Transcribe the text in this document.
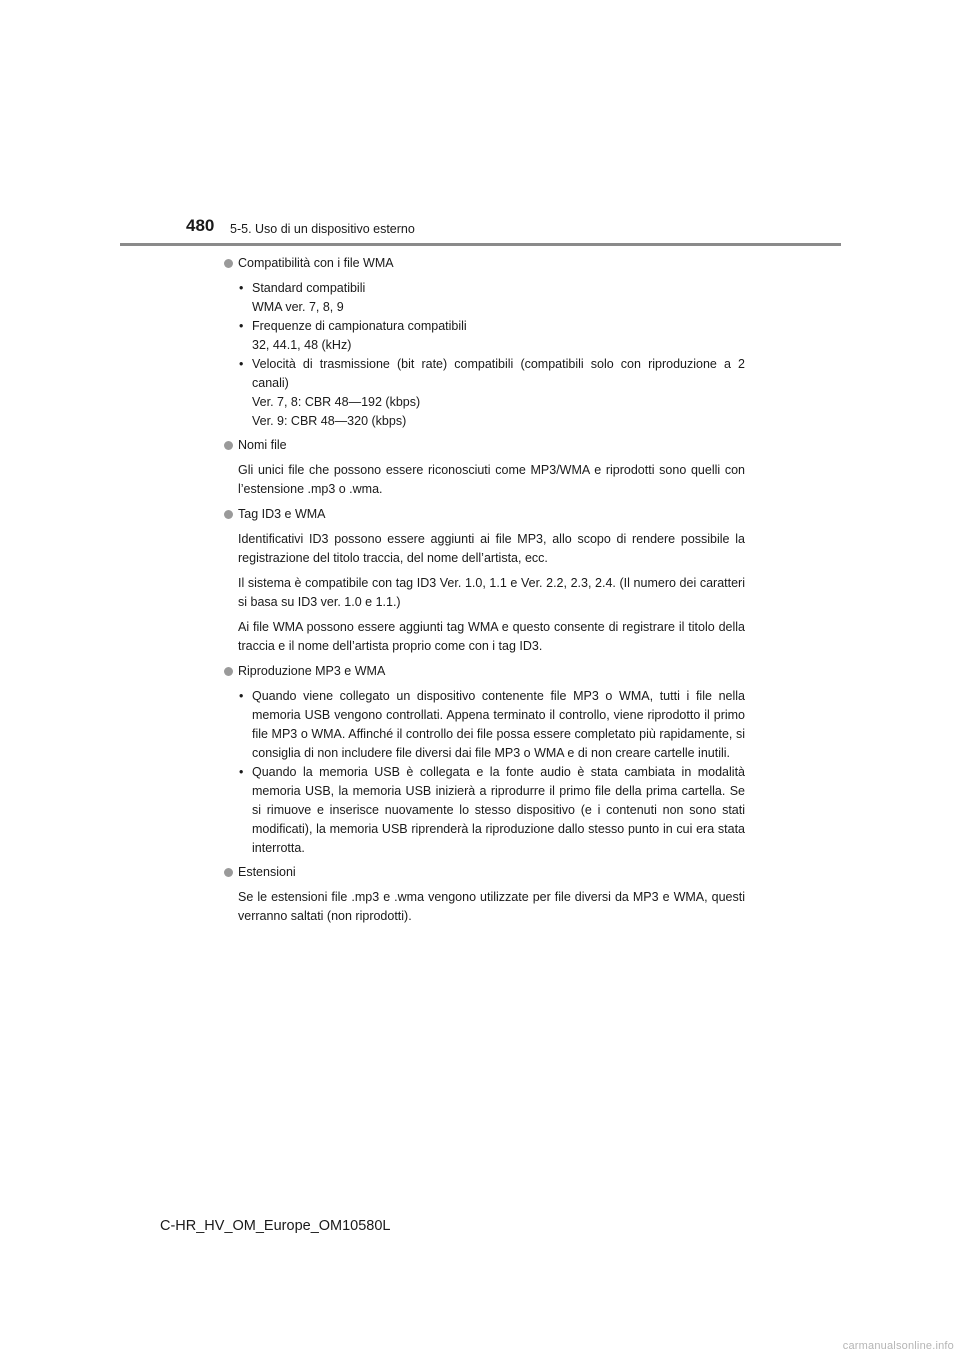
480 5-5. Uso di un dispositivo esterno
Compatibilità con i file WMA
• Standard compatibili
WMA ver. 7, 8, 9
• Frequenze di campionatura compatibili
32, 44.1, 48 (kHz)
• Velocità di trasmissione (bit rate) compatibili (compatibili solo con riproduzione a 2 canali)
Ver. 7, 8: CBR 48—192 (kbps)
Ver. 9: CBR 48—320 (kbps)
Nomi file

Gli unici file che possono essere riconosciuti come MP3/WMA e riprodotti sono quelli con l’estensione .mp3 o .wma.

Tag ID3 e WMA

Identificativi ID3 possono essere aggiunti ai file MP3, allo scopo di rendere possibile la registrazione del titolo traccia, del nome dell’artista, ecc.

Il sistema è compatibile con tag ID3 Ver. 1.0, 1.1 e Ver. 2.2, 2.3, 2.4. (Il numero dei caratteri si basa su ID3 ver. 1.0 e 1.1.)

Ai file WMA possono essere aggiunti tag WMA e questo consente di registrare il titolo della traccia e il nome dell’artista proprio come con i tag ID3.

Riproduzione MP3 e WMA
• Quando viene collegato un dispositivo contenente file MP3 o WMA, tutti i file nella memoria USB vengono controllati. Appena terminato il controllo, viene riprodotto il primo file MP3 o WMA. Affinché il controllo dei file possa essere completato più rapidamente, si consiglia di non includere file diversi dai file MP3 o WMA e di non creare cartelle inutili.
• Quando la memoria USB è collegata e la fonte audio è stata cambiata in modalità memoria USB, la memoria USB inizierà a riprodurre il primo file della prima cartella. Se si rimuove e inserisce nuovamente lo stesso dispositivo (e i contenuti non sono stati modificati), la memoria USB riprenderà la riproduzione dallo stesso punto in cui era stata interrotta.
Estensioni

Se le estensioni file .mp3 e .wma vengono utilizzate per file diversi da MP3 e WMA, questi verranno saltati (non riprodotti).

C-HR_HV_OM_Europe_OM10580L
carmanualsonline.info
